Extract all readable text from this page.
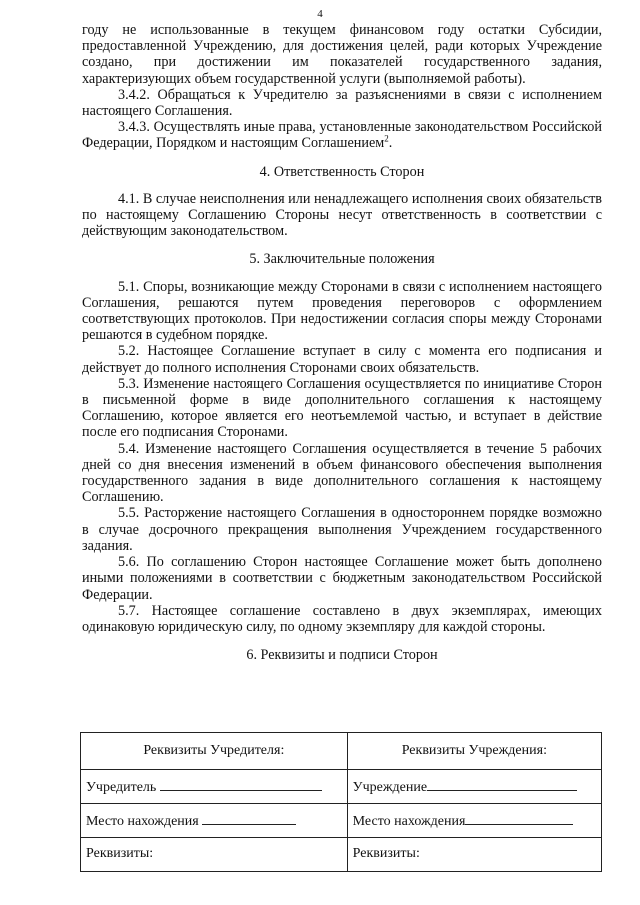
4

году не использованные в текущем финансовом году остатки Субсидии, предоставленной Учреждению, для достижения целей, ради которых Учреждение создано, при достижении им показателей государственного задания, характеризующих объем государственной услуги (выполняемой работы).

3.4.2. Обращаться к Учредителю за разъяснениями в связи с исполнением настоящего Соглашения.

3.4.3. Осуществлять иные права, установленные законодательством Российской Федерации, Порядком и настоящим Соглашением$^2$.

4. Ответственность Сторон

4.1. В случае неисполнения или ненадлежащего исполнения своих обязательств по настоящему Соглашению Стороны несут ответственность в соответствии с действующим законодательством.

5. Заключительные положения

5.1. Споры, возникающие между Сторонами в связи с исполнением настоящего Соглашения, решаются путем проведения переговоров с оформлением соответствующих протоколов. При недостижении согласия споры между Сторонами решаются в судебном порядке.

5.2. Настоящее Соглашение вступает в силу с момента его подписания и действует до полного исполнения Сторонами своих обязательств.

5.3. Изменение настоящего Соглашения осуществляется по инициативе Сторон в письменной форме в виде дополнительного соглашения к настоящему Соглашению, которое является его неотъемлемой частью, и вступает в действие после его подписания Сторонами.

5.4. Изменение настоящего Соглашения осуществляется в течение 5 рабочих дней со дня внесения изменений в объем финансового обеспечения выполнения государственного задания в виде дополнительного соглашения к настоящему Соглашению.

5.5. Расторжение настоящего Соглашения в одностороннем порядке возможно в случае досрочного прекращения выполнения Учреждением государственного задания.

5.6. По соглашению Сторон настоящее Соглашение может быть дополнено иными положениями в соответствии с бюджетным законодательством Российской Федерации.

5.7. Настоящее соглашение составлено в двух экземплярах, имеющих одинаковую юридическую силу, по одному экземпляру для каждой стороны.

6. Реквизиты и подписи Сторон

Реквизиты Учредителя:	Реквизиты Учреждения:
Учредитель	Учреждение
Место нахождения	Место нахождения
Реквизиты:	Реквизиты:
